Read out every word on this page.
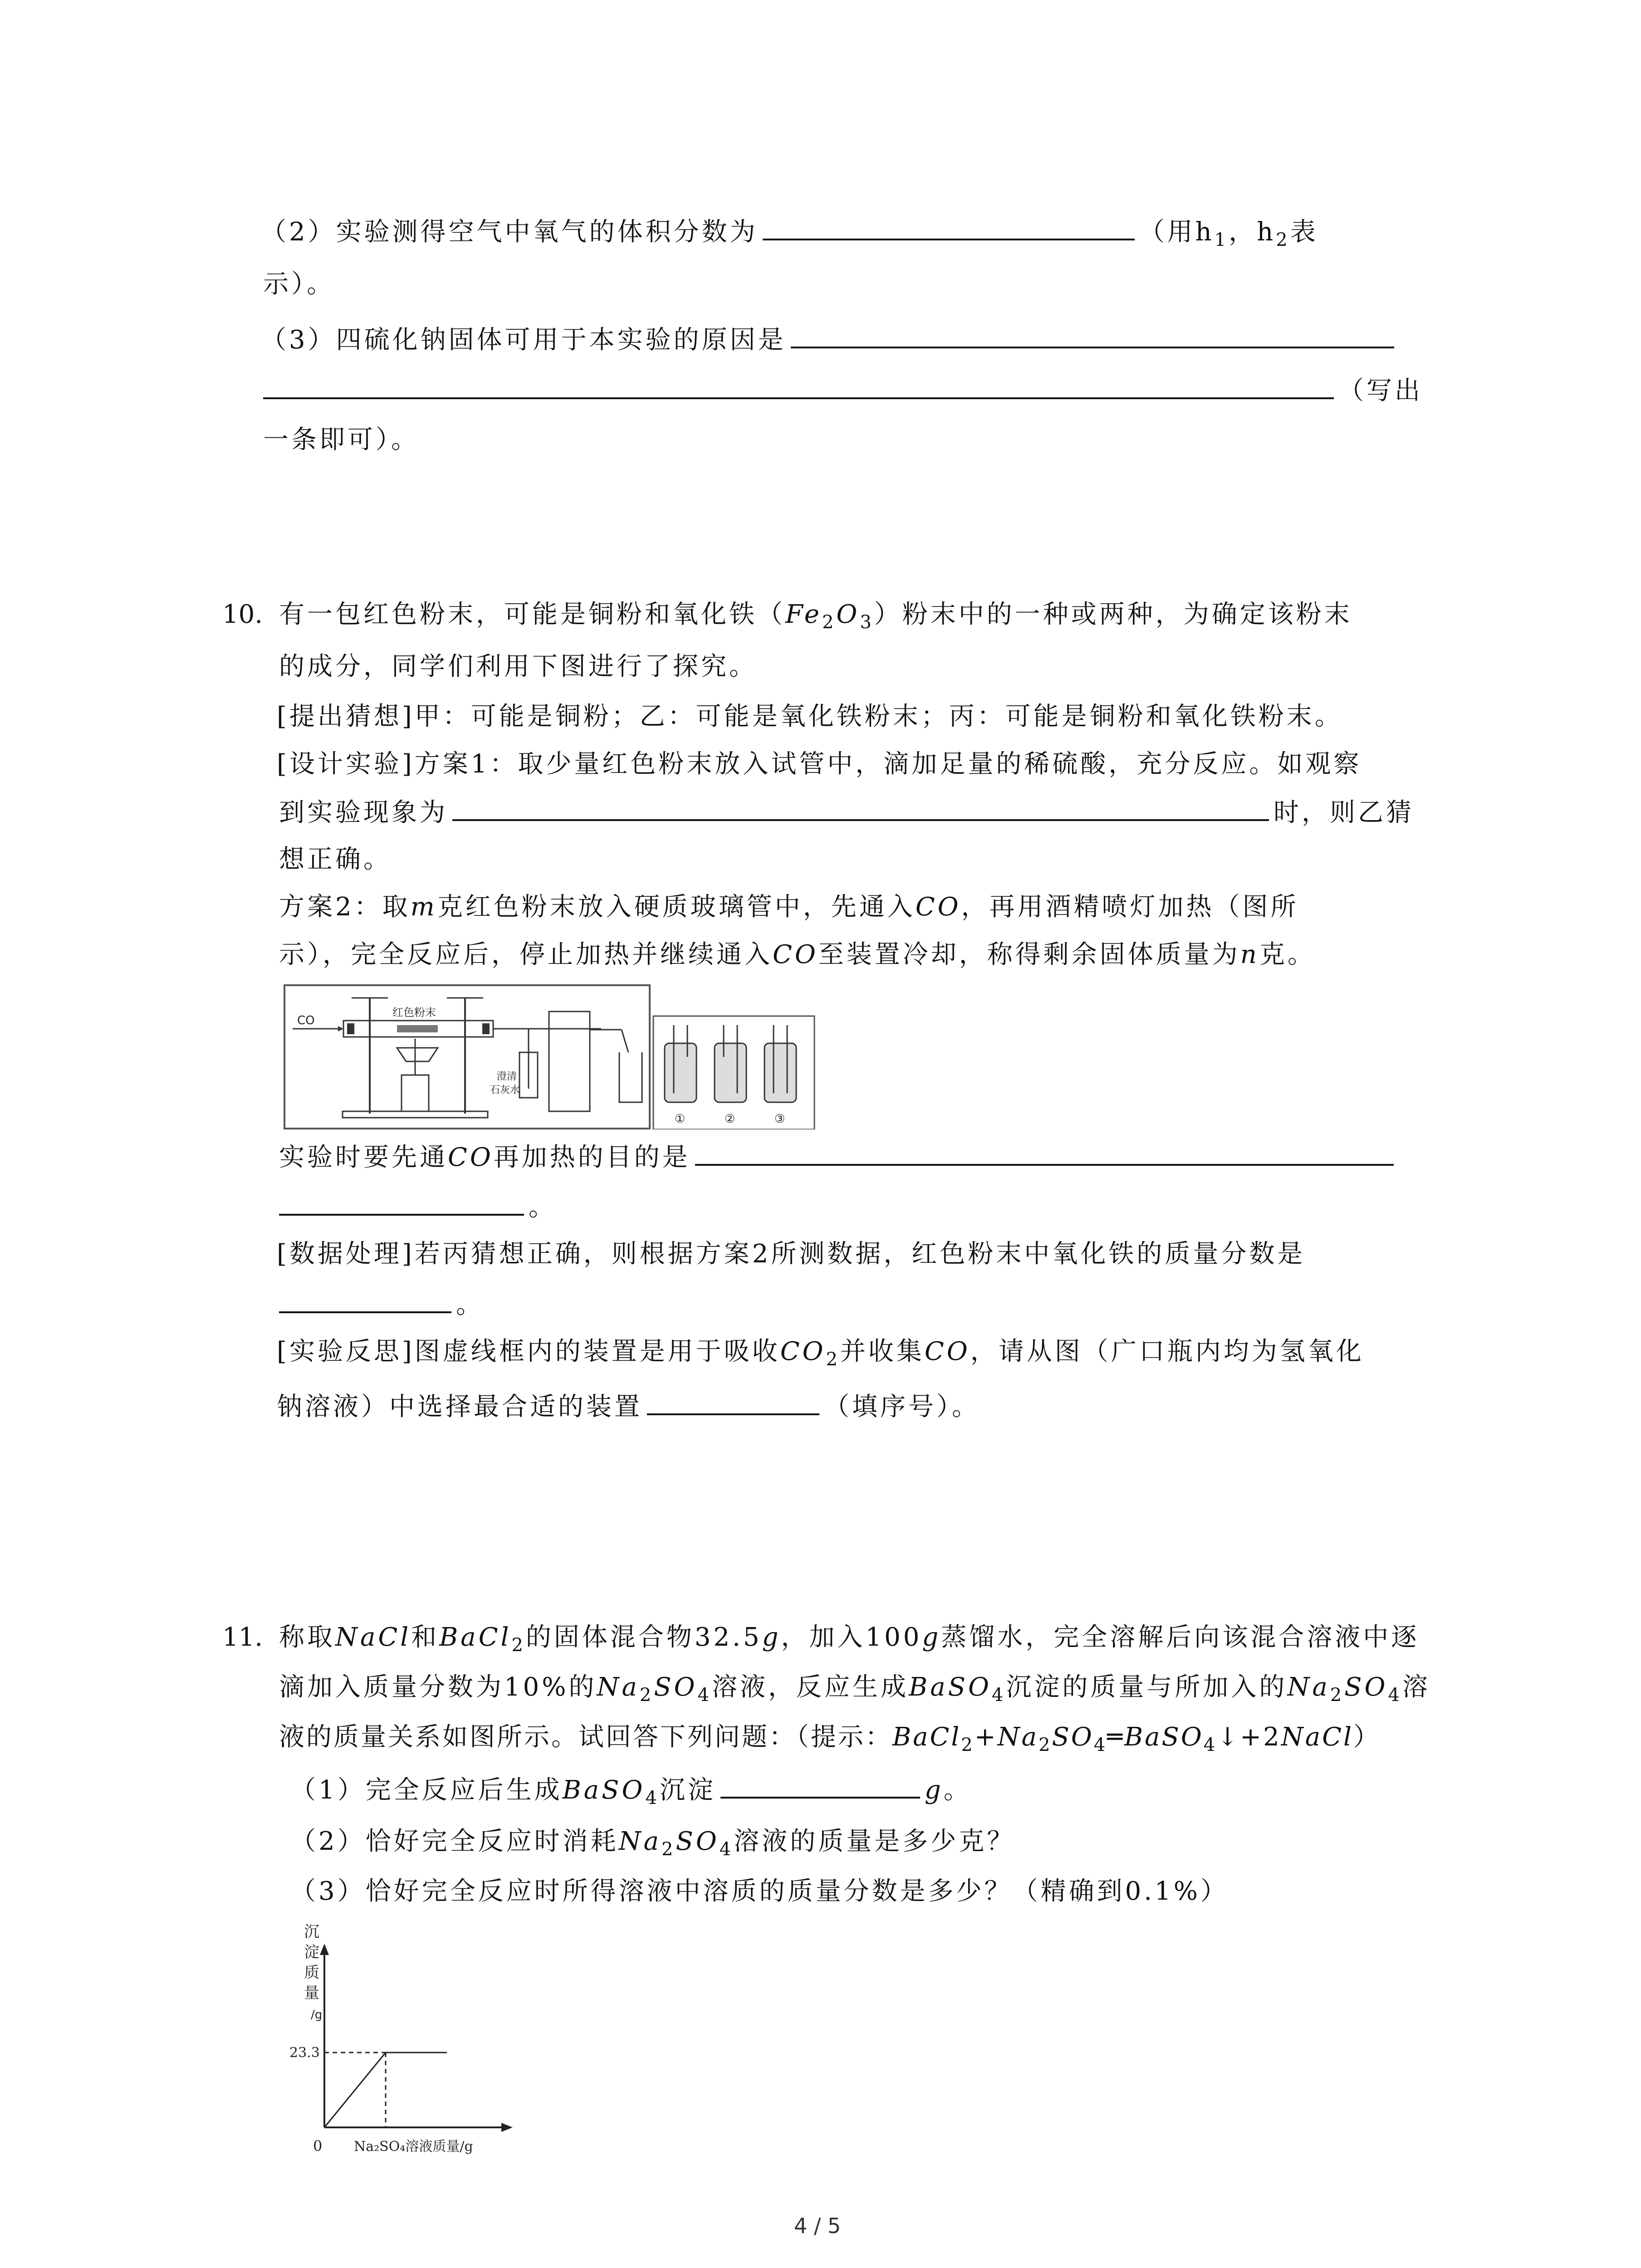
（2）实验测得空气中氧气的体积分数为	（用$h_1$，$h_2$表
示）。
（3）四硫化钠固体可用于本实验的原因是
（写出
一条即可）。
10. 有一包红色粉末，可能是铜粉和氧化铁$(Fe_2O_3)$粉末中的一种或两种，为确定该粉末
的成分，同学们利用下图进行了探究。
[提出猜想]甲：可能是铜粉；乙：可能是氧化铁粉末；丙：可能是铜粉和氧化铁粉末。
[设计实验]方案1：取少量红色粉末放入试管中，滴加足量的稀硫酸，充分反应。如观察
到实验现象为	时，则乙猜
想正确。
方案2：取m克红色粉末放入硬质玻璃管中，先通入CO，再用酒精喷灯加热（图所
示），完全反应后，停止加热并继续通入CO至装置冷却，称得剩余固体质量为n克。
CO
红色粉末
澄清
石灰水
①	②	③
实验时要先通CO再加热的目的是
。
[数据处理]若丙猜想正确，则根据方案2所测数据，红色粉末中氧化铁的质量分数是
。
[实验反思]图虚线框内的装置是用于吸收$CO_2$并收集CO，请从图（广口瓶内均为氢氧化
钠溶液）中选择最合适的装置	（填序号）。
11. 称取NaCl和BaCl$_2$的固体混合物32.5g，加入100g蒸馏水，完全溶解后向该混合溶液中逐
滴加入质量分数为10%的$Na_2SO_4$溶液，反应生成BaSO$_4$沉淀的质量与所加入的$Na_2SO_4$溶
液的质量关系如图所示。试回答下列问题：（提示：$BaCl_2+Na_2SO_4═BaSO_4↓+2NaCl$）
（1）完全反应后生成BaSO$_4$沉淀	g。
（2）恰好完全反应时消耗$Na_2SO_4$溶液的质量是多少克？
（3）恰好完全反应时所得溶液中溶质的质量分数是多少？（精确到0.1%）
沉
淀
质
量
/g
0
23.3
Na₂SO₄溶液质量/g
4 / 5
